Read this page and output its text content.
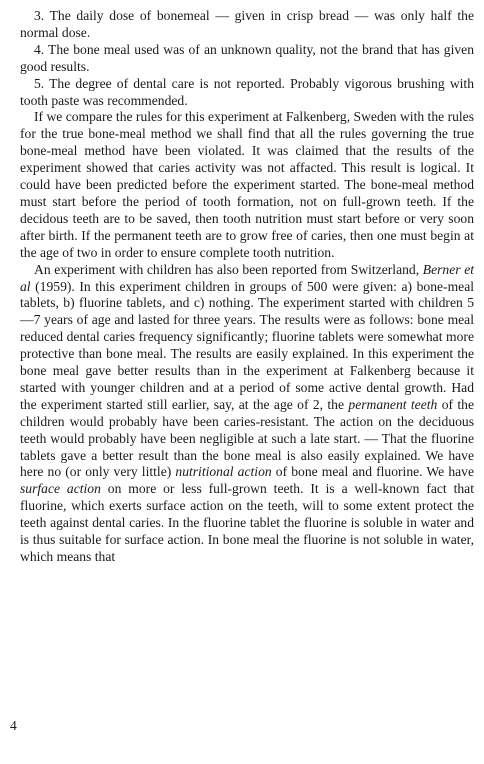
3. The daily dose of bonemeal — given in crisp bread — was only half the normal dose.

4. The bone meal used was of an unknown quality, not the brand that has given good results.

5. The degree of dental care is not reported. Probably vigorous brushing with tooth paste was recommended.

If we compare the rules for this experiment at Falkenberg, Sweden with the rules for the true bone-meal method we shall find that all the rules governing the true bone-meal method have been violated. It was claimed that the results of the experiment showed that caries activity was not affacted. This result is logical. It could have been predicted before the experiment started. The bone-meal method must start before the period of tooth formation, not on full-grown teeth. If the decidous teeth are to be saved, then tooth nutrition must start before or very soon after birth. If the permanent teeth are to grow free of caries, then one must begin at the age of two in order to ensure complete tooth nutrition.

An experiment with children has also been reported from Switzerland, Berner et al (1959). In this experiment children in groups of 500 were given: a) bone-meal tablets, b) fluorine tablets, and c) nothing. The experiment started with children 5—7 years of age and lasted for three years. The results were as follows: bone meal reduced dental caries frequency significantly; fluorine tablets were somewhat more protective than bone meal. The results are easily explained. In this experiment the bone meal gave better results than in the experiment at Falkenberg because it started with younger children and at a period of some active dental growth. Had the experiment started still earlier, say, at the age of 2, the permanent teeth of the children would probably have been caries-resistant. The action on the deciduous teeth would probably have been negligible at such a late start. — That the fluorine tablets gave a better result than the bone meal is also easily explained. We have here no (or only very little) nutritional action of bone meal and fluorine. We have surface action on more or less full-grown teeth. It is a well-known fact that fluorine, which exerts surface action on the teeth, will to some extent protect the teeth against dental caries. In the fluorine tablet the fluorine is soluble in water and is thus suitable for surface action. In bone meal the fluorine is not soluble in water, which means that

4
